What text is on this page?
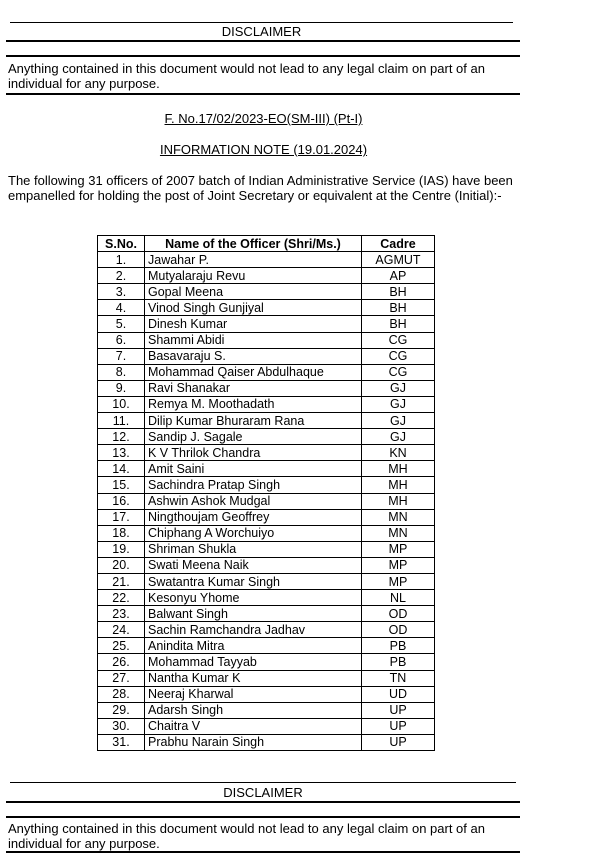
DISCLAIMER
Anything contained in this document would not lead to any legal claim on part of an individual for any purpose.
F. No.17/02/2023-EO(SM-III) (Pt-I)
INFORMATION NOTE (19.01.2024)
The following 31 officers of 2007 batch of Indian Administrative Service (IAS) have been empanelled for holding the post of Joint Secretary or equivalent at the Centre (Initial):-
S.No.	Name of the Officer (Shri/Ms.)	Cadre
1.	Jawahar P.	AGMUT
2.	Mutyalaraju Revu	AP
3.	Gopal Meena	BH
4.	Vinod Singh Gunjiyal	BH
5.	Dinesh Kumar	BH
6.	Shammi Abidi	CG
7.	Basavaraju S.	CG
8.	Mohammad Qaiser Abdulhaque	CG
9.	Ravi Shanakar	GJ
10.	Remya M. Moothadath	GJ
11.	Dilip Kumar Bhuraram Rana	GJ
12.	Sandip J. Sagale	GJ
13.	K V Thrilok Chandra	KN
14.	Amit Saini	MH
15.	Sachindra Pratap Singh	MH
16.	Ashwin Ashok Mudgal	MH
17.	Ningthoujam Geoffrey	MN
18.	Chiphang A Worchuiyo	MN
19.	Shriman Shukla	MP
20.	Swati Meena Naik	MP
21.	Swatantra Kumar Singh	MP
22.	Kesonyu Yhome	NL
23.	Balwant Singh	OD
24.	Sachin Ramchandra Jadhav	OD
25.	Anindita Mitra	PB
26.	Mohammad Tayyab	PB
27.	Nantha Kumar K	TN
28.	Neeraj Kharwal	UD
29.	Adarsh Singh	UP
30.	Chaitra V	UP
31.	Prabhu Narain Singh	UP
DISCLAIMER
Anything contained in this document would not lead to any legal claim on part of an individual for any purpose.
